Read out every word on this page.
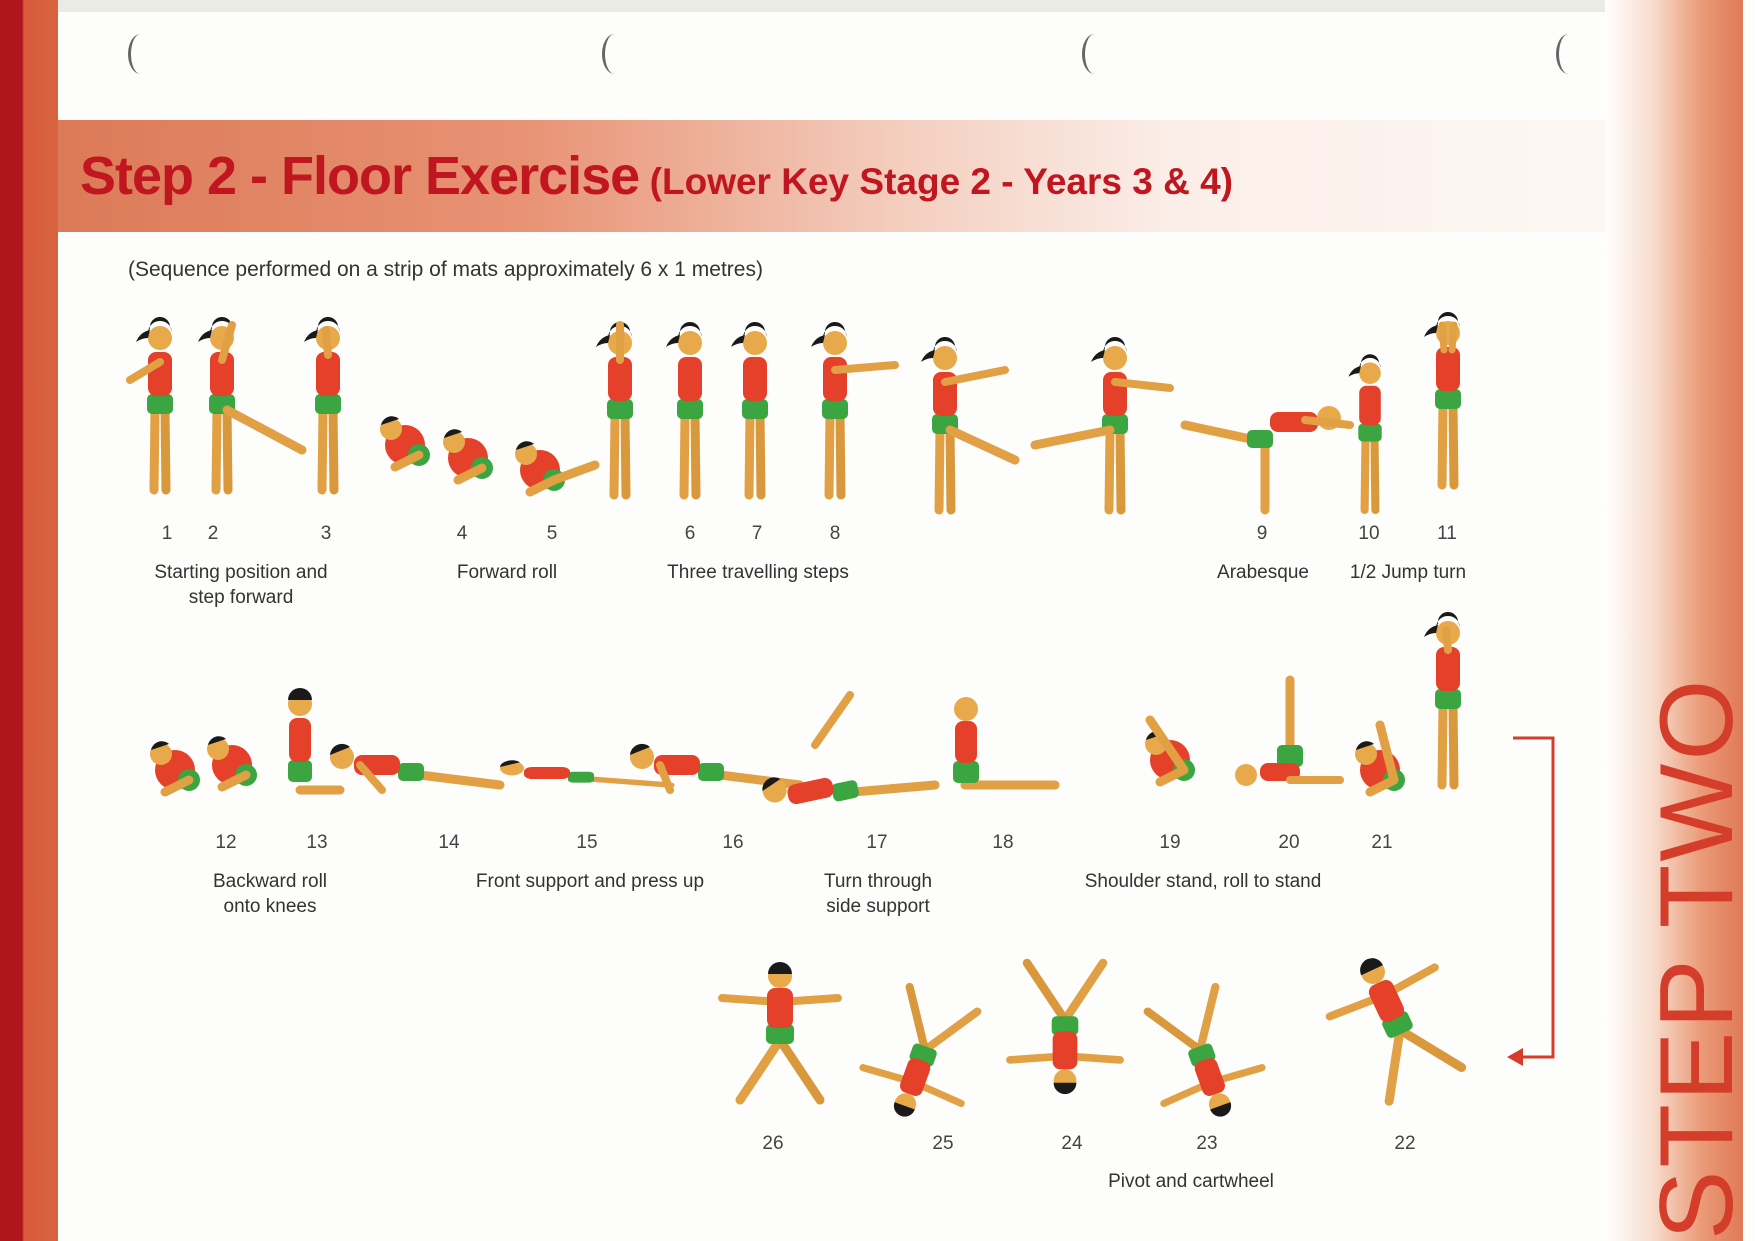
Step 2 - Floor Exercise (Lower Key Stage 2 - Years 3 & 4)
(Sequence performed on a strip of mats approximately 6 x 1 metres)
STEP TWO
1 2	3	4	5	6	7	8	9	10	11
Starting position and step forward
Forward roll	Three travelling steps	Arabesque	1/2 Jump turn
12	13	14	15	16	17	18	19	20	21
Backward roll onto knees
Front support and press up	Turn through side support
Shoulder stand, roll to stand
26	25	24	23	22
Pivot and cartwheel
